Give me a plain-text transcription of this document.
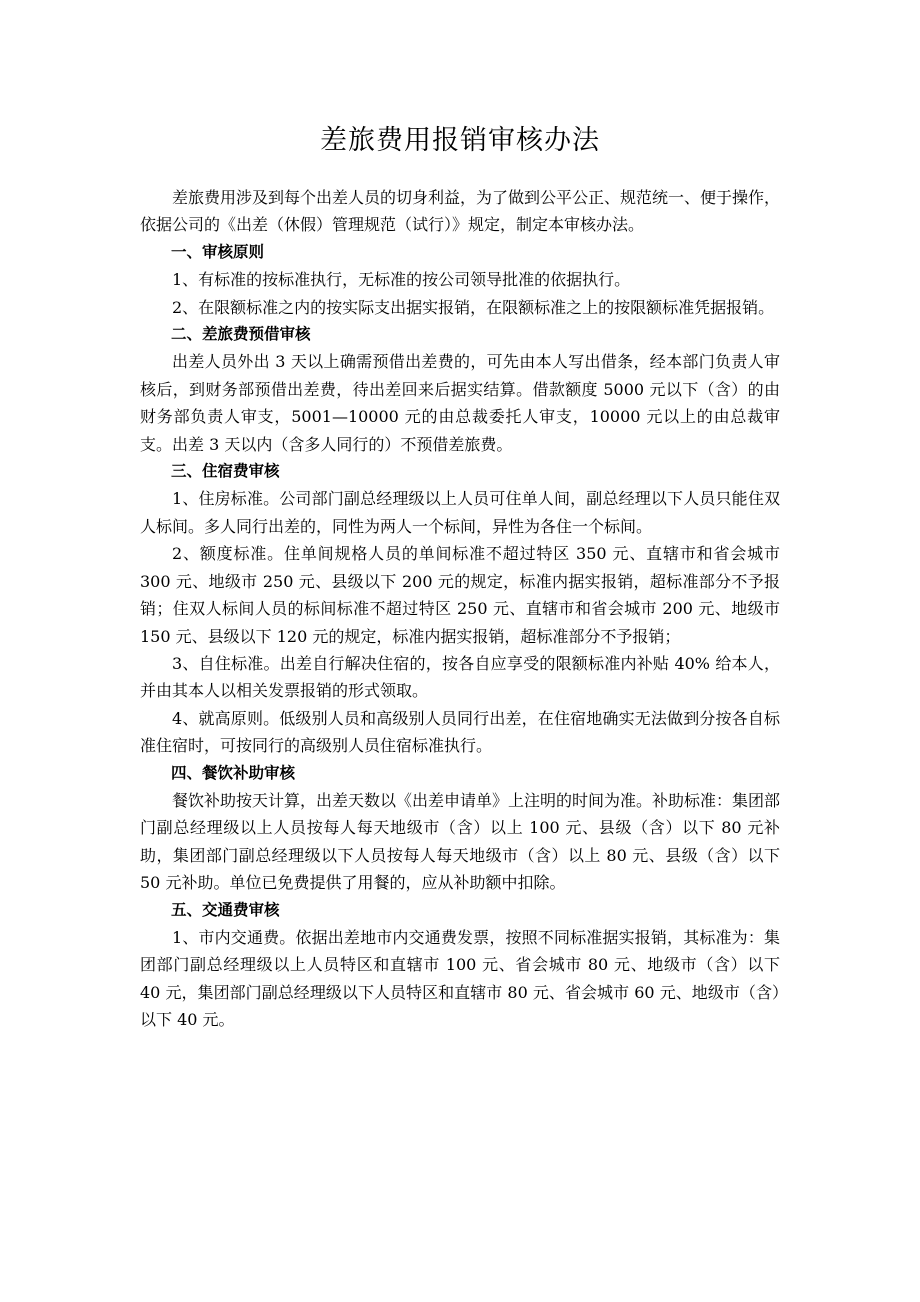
差旅费用报销审核办法

差旅费用涉及到每个出差人员的切身利益，为了做到公平公正、规范统一、便于操作，依据公司的《出差（休假）管理规范（试行）》规定，制定本审核办法。

一、审核原则

1、有标准的按标准执行，无标准的按公司领导批准的依据执行。

2、在限额标准之内的按实际支出据实报销，在限额标准之上的按限额标准凭据报销。

二、差旅费预借审核

出差人员外出 3 天以上确需预借出差费的，可先由本人写出借条，经本部门负责人审核后，到财务部预借出差费，待出差回来后据实结算。借款额度 5000 元以下（含）的由财务部负责人审支，5001—10000 元的由总裁委托人审支，10000 元以上的由总裁审支。出差 3 天以内（含多人同行的）不预借差旅费。

三、住宿费审核

1、住房标准。公司部门副总经理级以上人员可住单人间，副总经理以下人员只能住双人标间。多人同行出差的，同性为两人一个标间，异性为各住一个标间。

2、额度标准。住单间规格人员的单间标准不超过特区 350 元、直辖市和省会城市 300 元、地级市 250 元、县级以下 200 元的规定，标准内据实报销，超标准部分不予报销；住双人标间人员的标间标准不超过特区 250 元、直辖市和省会城市 200 元、地级市 150 元、县级以下 120 元的规定，标准内据实报销，超标准部分不予报销；

3、自住标准。出差自行解决住宿的，按各自应享受的限额标准内补贴 40% 给本人，并由其本人以相关发票报销的形式领取。

4、就高原则。低级别人员和高级别人员同行出差，在住宿地确实无法做到分按各自标准住宿时，可按同行的高级别人员住宿标准执行。

四、餐饮补助审核

餐饮补助按天计算，出差天数以《出差申请单》上注明的时间为准。补助标准：集团部门副总经理级以上人员按每人每天地级市（含）以上 100 元、县级（含）以下 80 元补助，集团部门副总经理级以下人员按每人每天地级市（含）以上 80 元、县级（含）以下 50 元补助。单位已免费提供了用餐的，应从补助额中扣除。

五、交通费审核

1、市内交通费。依据出差地市内交通费发票，按照不同标准据实报销，其标准为：集团部门副总经理级以上人员特区和直辖市 100 元、省会城市 80 元、地级市（含）以下 40 元，集团部门副总经理级以下人员特区和直辖市 80 元、省会城市 60 元、地级市（含）以下 40 元。
